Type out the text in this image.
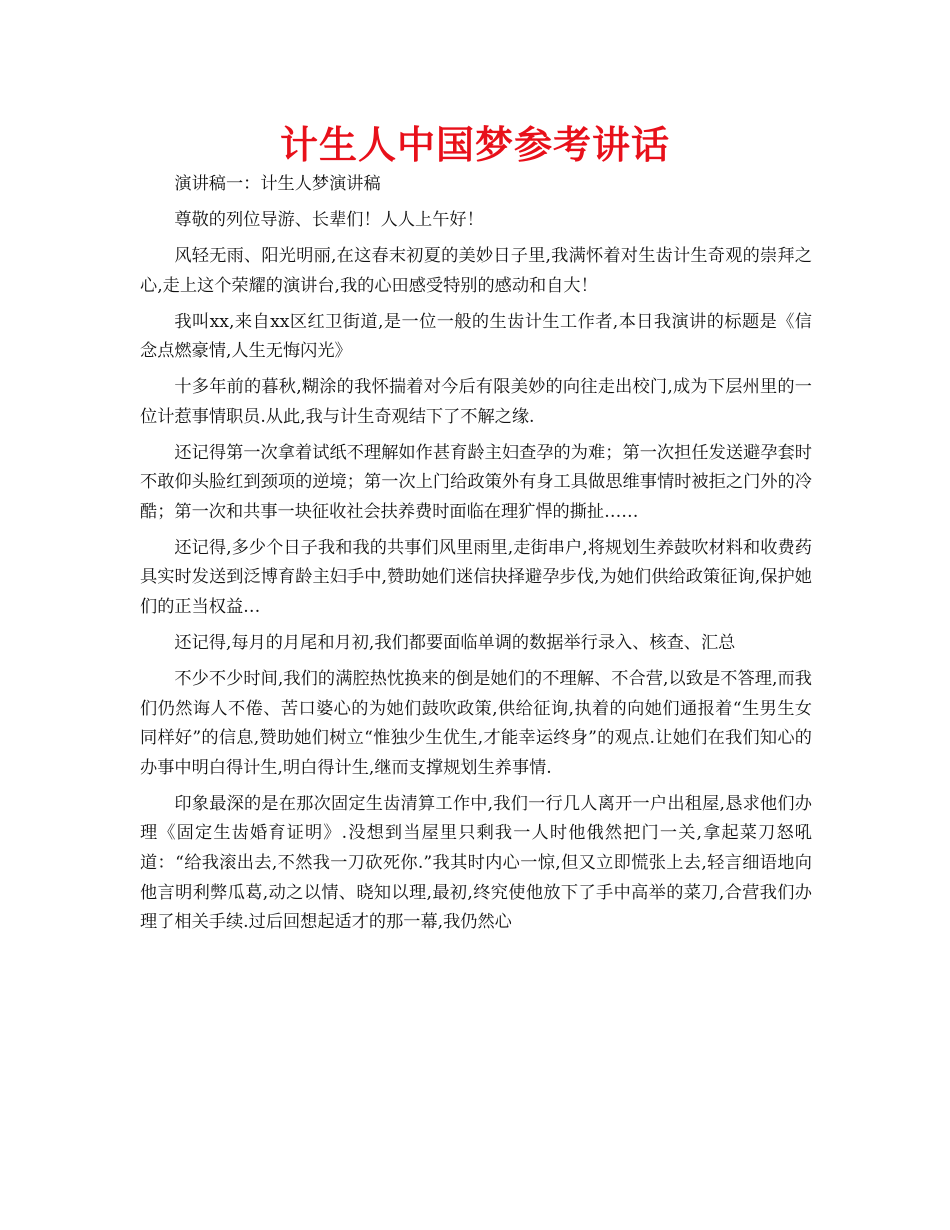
计生人中国梦参考讲话

演讲稿一：计生人梦演讲稿

尊敬的列位导游、长辈们！人人上午好！

风轻无雨、阳光明丽,在这春末初夏的美妙日子里,我满怀着对生齿计生奇观的崇拜之心,走上这个荣耀的演讲台,我的心田感受特别的感动和自大！

我叫xx,来自xx区红卫街道,是一位一般的生齿计生工作者,本日我演讲的标题是《信念点燃豪情,人生无悔闪光》

十多年前的暮秋,糊涂的我怀揣着对今后有限美妙的向往走出校门,成为下层州里的一位计惹事情职员.从此,我与计生奇观结下了不解之缘.

还记得第一次拿着试纸不理解如作甚育龄主妇查孕的为难；第一次担任发送避孕套时不敢仰头脸红到颈项的逆境；第一次上门给政策外有身工具做思维事情时被拒之门外的冷酷；第一次和共事一块征收社会扶养费时面临在理犷悍的撕扯……

还记得,多少个日子我和我的共事们风里雨里,走街串户,将规划生养鼓吹材料和收费药具实时发送到泛博育龄主妇手中,赞助她们迷信抉择避孕步伐,为她们供给政策征询,保护她们的正当权益…

还记得,每月的月尾和月初,我们都要面临单调的数据举行录入、核查、汇总

不少不少时间,我们的满腔热忱换来的倒是她们的不理解、不合营,以致是不答理,而我们仍然诲人不倦、苦口婆心的为她们鼓吹政策,供给征询,执着的向她们通报着“生男生女同样好”的信息,赞助她们树立“惟独少生优生,才能幸运终身”的观点.让她们在我们知心的办事中明白得计生,明白得计生,继而支撑规划生养事情.

印象最深的是在那次固定生齿清算工作中,我们一行几人离开一户出租屋,恳求他们办理《固定生齿婚育证明》.没想到当屋里只剩我一人时他俄然把门一关,拿起菜刀怒吼道：“给我滚出去,不然我一刀砍死你.”我其时内心一惊,但又立即慌张上去,轻言细语地向他言明利弊瓜葛,动之以情、晓知以理,最初,终究使他放下了手中高举的菜刀,合营我们办理了相关手续.过后回想起适才的那一幕,我仍然心
